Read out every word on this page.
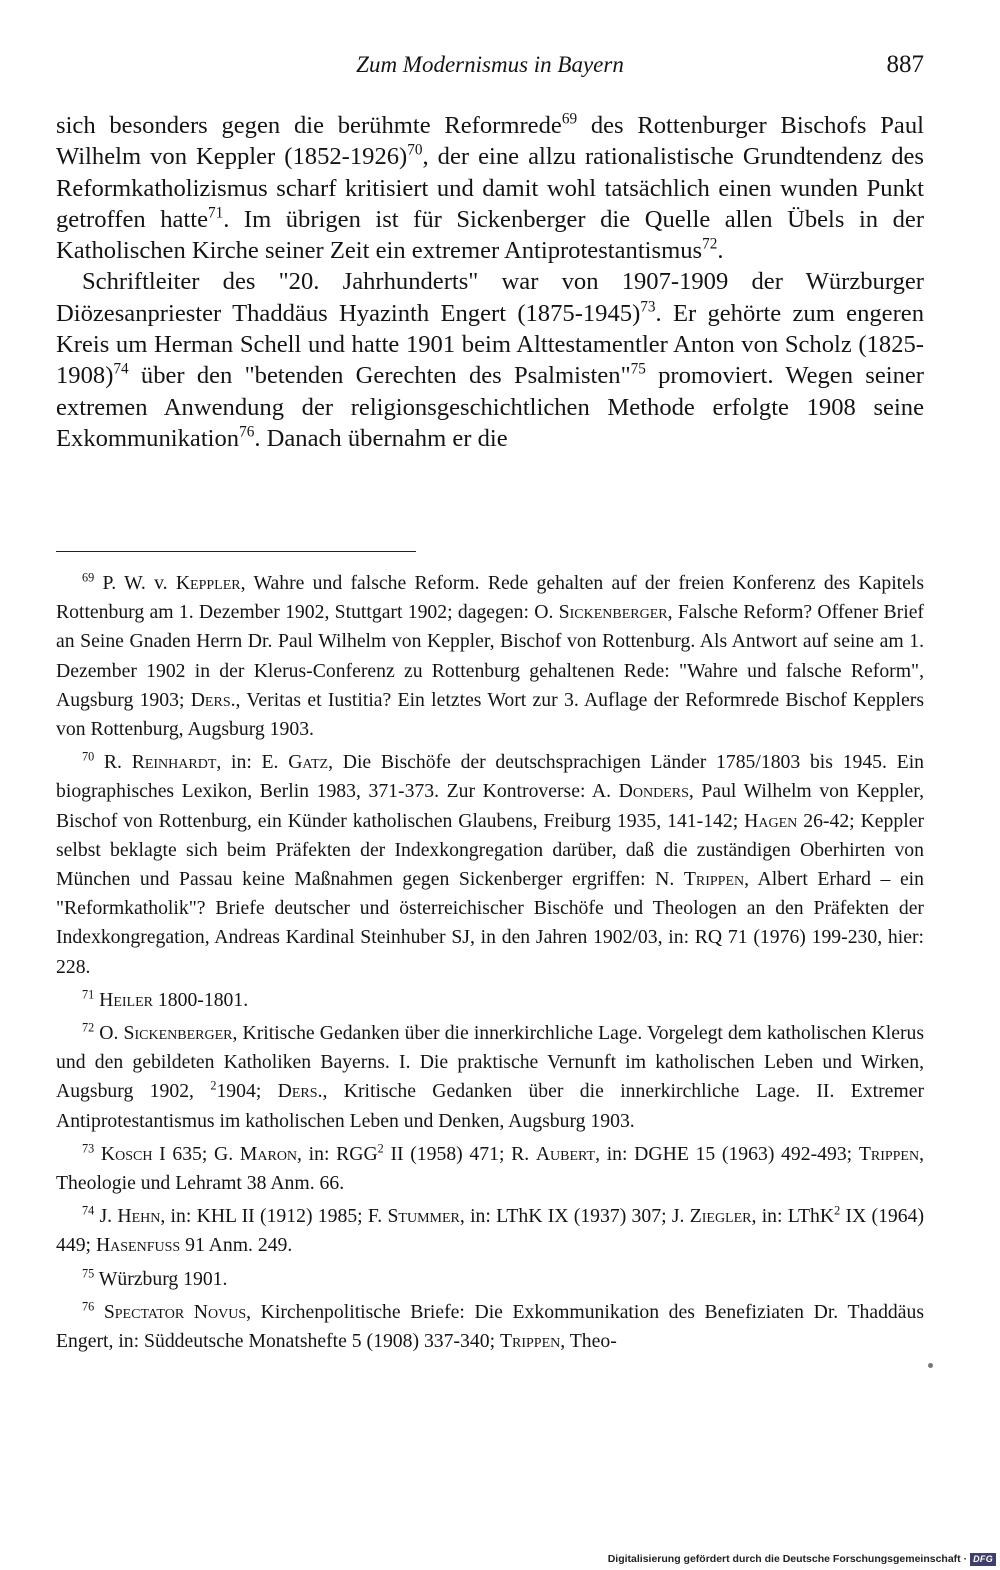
Zum Modernismus in Bayern	887

sich besonders gegen die berühmte Reformrede$^{69}$ des Rottenburger Bischofs Paul Wilhelm von Keppler (1852-1926)$^{70}$, der eine allzu rationalistische Grundtendenz des Reformkatholizismus scharf kritisiert und damit wohl tatsächlich einen wunden Punkt getroffen hatte$^{71}$. Im übrigen ist für Sickenberger die Quelle allen Übels in der Katholischen Kirche seiner Zeit ein extremer Antiprotestantismus$^{72}$.

Schriftleiter des "20. Jahrhunderts" war von 1907-1909 der Würzburger Diözesanpriester Thaddäus Hyazinth Engert (1875-1945)$^{73}$. Er gehörte zum engeren Kreis um Herman Schell und hatte 1901 beim Alttestamentler Anton von Scholz (1825-1908)$^{74}$ über den "betenden Gerechten des Psalmisten"$^{75}$ promoviert. Wegen seiner extremen Anwendung der religionsgeschichtlichen Methode erfolgte 1908 seine Exkommunikation$^{76}$. Danach übernahm er die

$^{69}$ P. W. v. Keppler, Wahre und falsche Reform. Rede gehalten auf der freien Konferenz des Kapitels Rottenburg am 1. Dezember 1902, Stuttgart 1902; dagegen: O. Sickenberger, Falsche Reform? Offener Brief an Seine Gnaden Herrn Dr. Paul Wilhelm von Keppler, Bischof von Rottenburg. Als Antwort auf seine am 1. Dezember 1902 in der Klerus-Conferenz zu Rottenburg gehaltenen Rede: "Wahre und falsche Reform", Augsburg 1903; Ders., Veritas et Iustitia? Ein letztes Wort zur 3. Auflage der Reformrede Bischof Kepplers von Rottenburg, Augsburg 1903.

$^{70}$ R. Reinhardt, in: E. Gatz, Die Bischöfe der deutschsprachigen Länder 1785/1803 bis 1945. Ein biographisches Lexikon, Berlin 1983, 371-373. Zur Kontroverse: A. Donders, Paul Wilhelm von Keppler, Bischof von Rottenburg, ein Künder katholischen Glaubens, Freiburg 1935, 141-142; Hagen 26-42; Keppler selbst beklagte sich beim Präfekten der Indexkongregation darüber, daß die zuständigen Oberhirten von München und Passau keine Maßnahmen gegen Sickenberger ergriffen: N. Trippen, Albert Erhard – ein "Reformkatholik"? Briefe deutscher und österreichischer Bischöfe und Theologen an den Präfekten der Indexkongregation, Andreas Kardinal Steinhuber SJ, in den Jahren 1902/03, in: RQ 71 (1976) 199-230, hier: 228.

$^{71}$ Heiler 1800-1801.

$^{72}$ O. Sickenberger, Kritische Gedanken über die innerkirchliche Lage. Vorgelegt dem katholischen Klerus und den gebildeten Katholiken Bayerns. I. Die praktische Vernunft im katholischen Leben und Wirken, Augsburg 1902, $^2$1904; Ders., Kritische Gedanken über die innerkirchliche Lage. II. Extremer Antiprotestantismus im katholischen Leben und Denken, Augsburg 1903.

$^{73}$ Kosch I 635; G. Maron, in: RGG$^2$ II (1958) 471; R. Aubert, in: DGHE 15 (1963) 492-493; Trippen, Theologie und Lehramt 38 Anm. 66.

$^{74}$ J. Hehn, in: KHL II (1912) 1985; F. Stummer, in: LThK IX (1937) 307; J. Ziegler, in: LThK$^2$ IX (1964) 449; Hasenfuss 91 Anm. 249.

$^{75}$ Würzburg 1901.

$^{76}$ Spectator Novus, Kirchenpolitische Briefe: Die Exkommunikation des Benefiziaten Dr. Thaddäus Engert, in: Süddeutsche Monatshefte 5 (1908) 337-340; Trippen, Theo-

Digitalisierung gefördert durch die Deutsche Forschungsgemeinschaft · DFG
